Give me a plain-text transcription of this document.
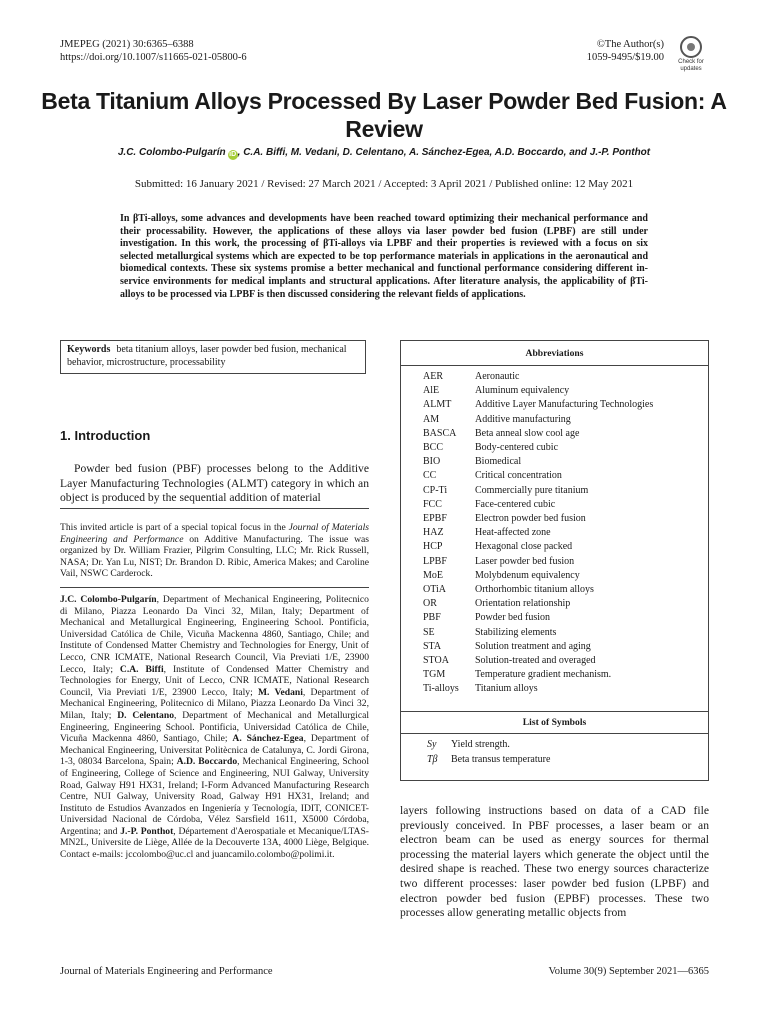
JMEPEG (2021) 30:6365–6388
https://doi.org/10.1007/s11665-021-05800-6
©The Author(s)
1059-9495/$19.00	Check for
updates
Beta Titanium Alloys Processed By Laser Powder Bed Fusion: A Review
J.C. Colombo-Pulgarín iD , C.A. Biffi, M. Vedani, D. Celentano, A. Sánchez-Egea, A.D. Boccardo, and J.-P. Ponthot
Submitted: 16 January 2021 / Revised: 27 March 2021 / Accepted: 3 April 2021 / Published online: 12 May 2021
In βTi-alloys, some advances and developments have been reached toward optimizing their mechanical performance and their processability. However, the applications of these alloys via laser powder bed fusion (LPBF) are still under investigation. In this work, the processing of βTi-alloys via LPBF and their properties is reviewed with a focus on six selected metallurgical systems which are expected to be top performance materials in applications in the aeronautical and biomedical contexts. These six systems promise a better mechanical and functional performance considering different in-service environments for medical implants and structural applications. After literature analysis, the applicability of βTi-alloys to be processed via LPBF is then discussed considering the relevant fields of applications.
Keywords beta titanium alloys, laser powder bed fusion, mechanical behavior, microstructure, processability
1. Introduction
Powder bed fusion (PBF) processes belong to the Additive Layer Manufacturing Technologies (ALMT) category in which an object is produced by the sequential addition of material
This invited article is part of a special topical focus in the Journal of Materials Engineering and Performance on Additive Manufacturing. The issue was organized by Dr. William Frazier, Pilgrim Consulting, LLC; Mr. Rick Russell, NASA; Dr. Yan Lu, NIST; Dr. Brandon D. Ribic, America Makes; and Caroline Vail, NSWC Carderock.
J.C. Colombo-Pulgarín, Department of Mechanical Engineering, Politecnico di Milano, Piazza Leonardo Da Vinci 32, Milan, Italy; Department of Mechanical and Metallurgical Engineering, Engineering School. Pontificia, Universidad Católica de Chile, Vicuña Mackenna 4860, Santiago, Chile; and Institute of Condensed Matter Chemistry and Technologies for Energy, Unit of Lecco, CNR ICMATE, National Research Council, Via Previati 1/E, 23900 Lecco, Italy; C.A. Biffi, Institute of Condensed Matter Chemistry and Technologies for Energy, Unit of Lecco, CNR ICMATE, National Research Council, Via Previati 1/E, 23900 Lecco, Italy; M. Vedani, Department of Mechanical Engineering, Politecnico di Milano, Piazza Leonardo Da Vinci 32, Milan, Italy; D. Celentano, Department of Mechanical and Metallurgical Engineering, Engineering School. Pontificia, Universidad Católica de Chile, Vicuña Mackenna 4860, Santiago, Chile; A. Sánchez-Egea, Department of Mechanical Engineering, Universitat Politècnica de Catalunya, C. Jordi Girona, 1-3, 08034 Barcelona, Spain; A.D. Boccardo, Mechanical Engineering, School of Engineering, College of Science and Engineering, NUI Galway, University Road, Galway H91 HX31, Ireland; I-Form Advanced Manufacturing Research Centre, NUI Galway, University Road, Galway H91 HX31, Ireland; and Instituto de Estudios Avanzados en Ingeniería y Tecnología, IDIT, CONICET-Universidad Nacional de Córdoba, Vélez Sarsfield 1611, X5000 Córdoba, Argentina; and J.-P. Ponthot, Département d'Aerospatiale et Mecanique/LTAS-MN2L, Universite de Liège, Allée de la Decouverte 13A, 4000 Liège, Belgique. Contact e-mails: jccolombo@uc.cl and juancamilo.colombo@polimi.it.
Abbreviations
AER	Aeronautic
AlE	Aluminum equivalency
ALMT Additive Layer Manufacturing Technologies
AM	Additive manufacturing
BASCA Beta anneal slow cool age
BCC	Body-centered cubic
BIO	Biomedical
CC	Critical concentration
CP-Ti	Commercially pure titanium
FCC	Face-centered cubic
EPBF	Electron powder bed fusion
HAZ	Heat-affected zone
HCP	Hexagonal close packed
LPBF	Laser powder bed fusion
MoE	Molybdenum equivalency
OTiA	Orthorhombic titanium alloys
OR	Orientation relationship
PBF	Powder bed fusion
SE	Stabilizing elements
STA	Solution treatment and aging
STOA	Solution-treated and overaged
TGM	Temperature gradient mechanism.
Ti-alloys Titanium alloys
List of Symbols
Sy Yield strength.
Tβ Beta transus temperature
layers following instructions based on data of a CAD file previously conceived. In PBF processes, a laser beam or an electron beam can be used as energy sources for thermal processing the material layers which generate the object until the desired shape is reached. These two energy sources characterize two different processes: laser powder bed fusion (LPBF) and electron powder bed fusion (EPBF) processes. These two processes allow generating metallic objects from
Journal of Materials Engineering and Performance	Volume 30(9) September 2021—6365
